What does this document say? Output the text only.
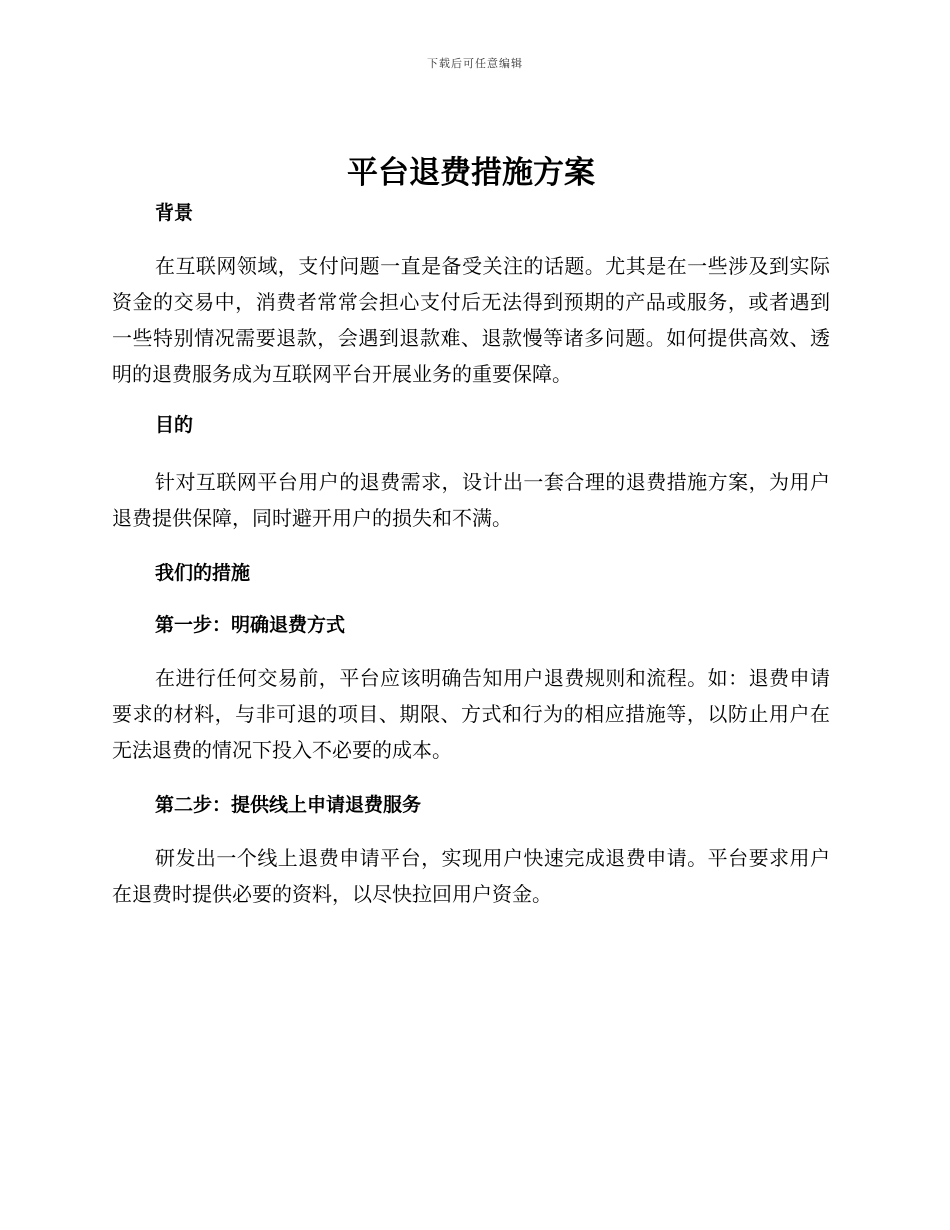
下载后可任意编辑
平台退费措施方案
背景

在互联网领域，支付问题一直是备受关注的话题。尤其是在一些涉及到实际资金的交易中，消费者常常会担心支付后无法得到预期的产品或服务，或者遇到一些特别情况需要退款，会遇到退款难、退款慢等诸多问题。如何提供高效、透明的退费服务成为互联网平台开展业务的重要保障。

目的

针对互联网平台用户的退费需求，设计出一套合理的退费措施方案，为用户退费提供保障，同时避开用户的损失和不满。

我们的措施
第一步：明确退费方式

在进行任何交易前，平台应该明确告知用户退费规则和流程。如：退费申请要求的材料，与非可退的项目、期限、方式和行为的相应措施等，以防止用户在无法退费的情况下投入不必要的成本。

第二步：提供线上申请退费服务

研发出一个线上退费申请平台，实现用户快速完成退费申请。平台要求用户在退费时提供必要的资料，以尽快拉回用户资金。
